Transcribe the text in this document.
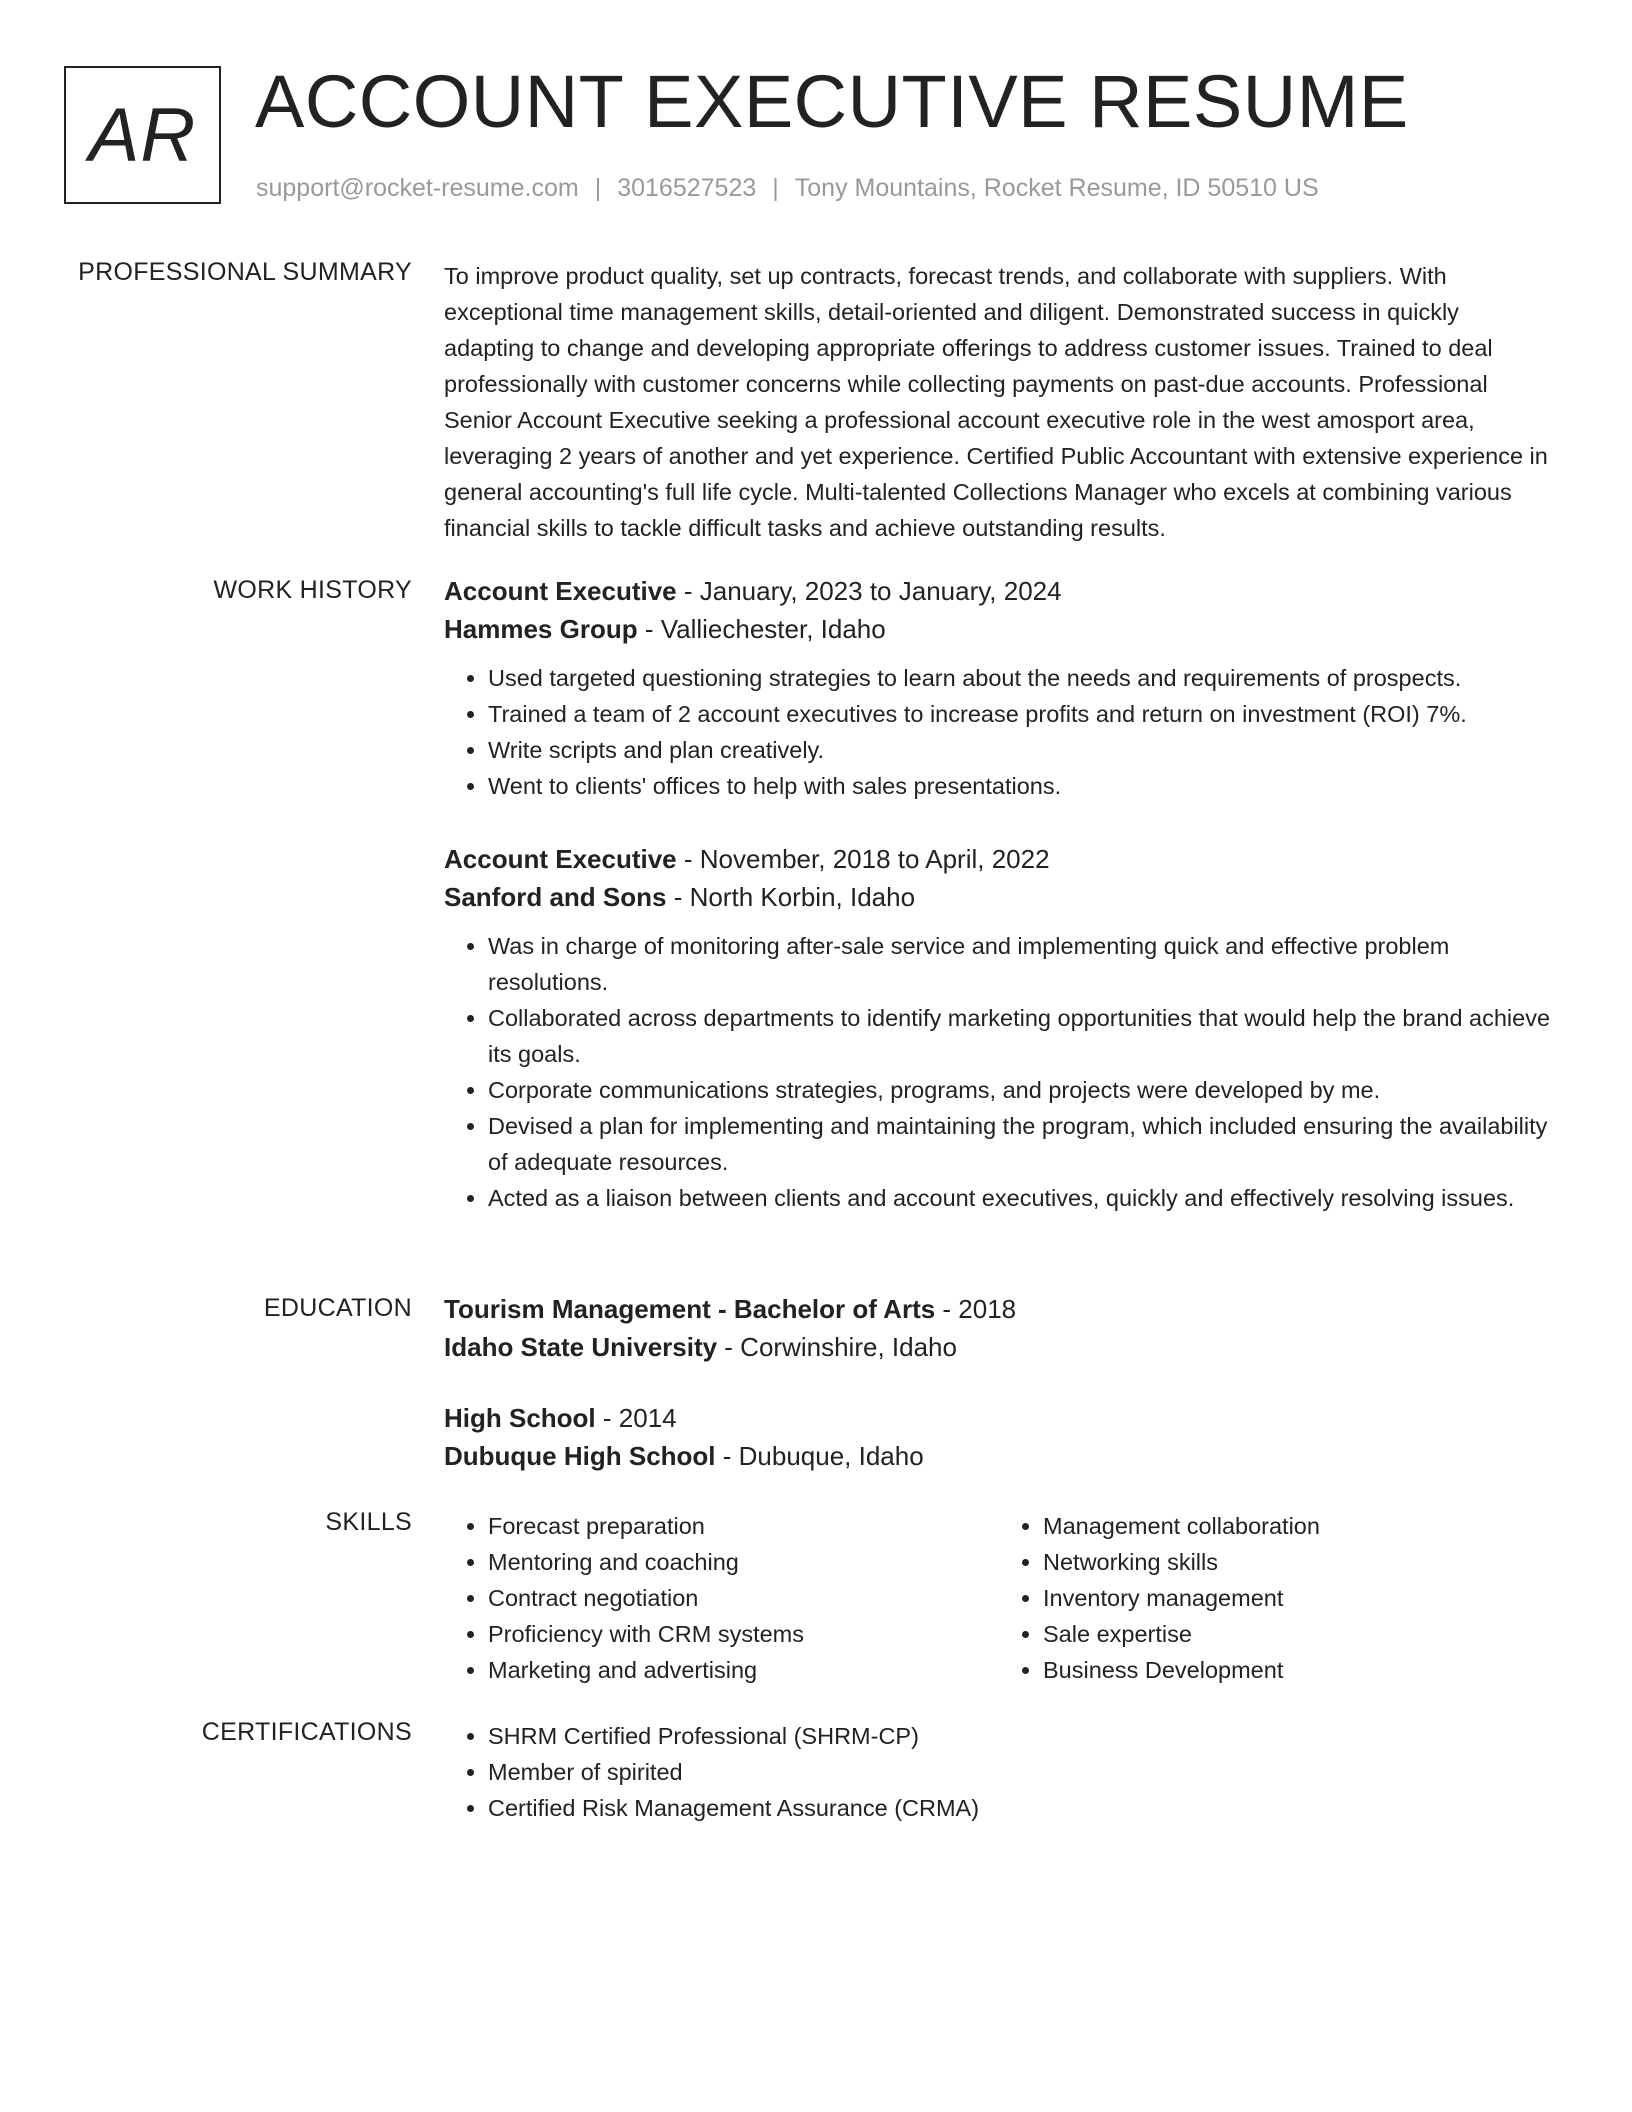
AR ACCOUNT EXECUTIVE RESUME
support@rocket-resume.com | 3016527523 | Tony Mountains, Rocket Resume, ID 50510 US
PROFESSIONAL SUMMARY To improve product quality, set up contracts, forecast trends, and collaborate with suppliers. With exceptional time management skills, detail-oriented and diligent. Demonstrated success in quickly adapting to change and developing appropriate offerings to address customer issues. Trained to deal professionally with customer concerns while collecting payments on past-due accounts. Professional Senior Account Executive seeking a professional account executive role in the west amosport area, leveraging 2 years of another and yet experience. Certified Public Accountant with extensive experience in general accounting's full life cycle. Multi-talented Collections Manager who excels at combining various financial skills to tackle difficult tasks and achieve outstanding results.

WORK HISTORY Account Executive - January, 2023 to January, 2024
Hammes Group - Valliechester, Idaho
• Used targeted questioning strategies to learn about the needs and requirements of prospects.
• Trained a team of 2 account executives to increase profits and return on investment (ROI) 7%.
• Write scripts and plan creatively.
• Went to clients' offices to help with sales presentations.
Account Executive - November, 2018 to April, 2022
Sanford and Sons - North Korbin, Idaho
• Was in charge of monitoring after-sale service and implementing quick and effective problem resolutions.
• Collaborated across departments to identify marketing opportunities that would help the brand achieve its goals.
• Corporate communications strategies, programs, and projects were developed by me.
• Devised a plan for implementing and maintaining the program, which included ensuring the availability of adequate resources.
• Acted as a liaison between clients and account executives, quickly and effectively resolving issues.
EDUCATION Tourism Management - Bachelor of Arts - 2018
Idaho State University - Corwinshire, Idaho
High School - 2014
Dubuque High School - Dubuque, Idaho
SKILLS	• Forecast preparation
• Mentoring and coaching
• Contract negotiation
• Proficiency with CRM systems
• Marketing and advertising
• Management collaboration
• Networking skills
• Inventory management
• Sale expertise
• Business Development
CERTIFICATIONS	• SHRM Certified Professional (SHRM-CP)
• Member of spirited
• Certified Risk Management Assurance (CRMA)
